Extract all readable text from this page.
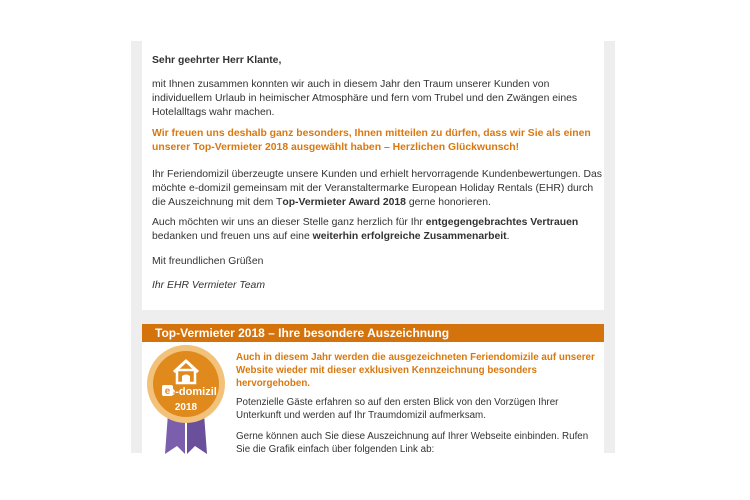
Sehr geehrter Herr Klante,

mit Ihnen zusammen konnten wir auch in diesem Jahr den Traum unserer Kunden von individuellem Urlaub in heimischer Atmosphäre und fern vom Trubel und den Zwängen eines Hotelalltags wahr machen.

Wir freuen uns deshalb ganz besonders, Ihnen mitteilen zu dürfen, dass wir Sie als einen unserer Top-Vermieter 2018 ausgewählt haben – Herzlichen Glückwunsch!

Ihr Feriendomizil überzeugte unsere Kunden und erhielt hervorragende Kundenbewertungen. Das möchte e-domizil gemeinsam mit der Veranstaltermarke European Holiday Rentals (EHR) durch die Auszeichnung mit dem Top-Vermieter Award 2018 gerne honorieren.

Auch möchten wir uns an dieser Stelle ganz herzlich für Ihr entgegengebrachtes Vertrauen bedanken und freuen uns auf eine weiterhin erfolgreiche Zusammenarbeit.

Mit freundlichen Grüßen

Ihr EHR Vermieter Team

Top-Vermieter 2018 – Ihre besondere Auszeichnung
e
e-domizil
2018

Auch in diesem Jahr werden die ausgezeichneten Feriendomizile auf unserer Website wieder mit dieser exklusiven Kennzeichnung besonders hervorgehoben.

Potenzielle Gäste erfahren so auf den ersten Blick von den Vorzügen Ihrer Unterkunft und werden auf Ihr Traumdomizil aufmerksam.

Gerne können auch Sie diese Auszeichnung auf Ihrer Webseite einbinden. Rufen Sie die Grafik einfach über folgenden Link ab:
